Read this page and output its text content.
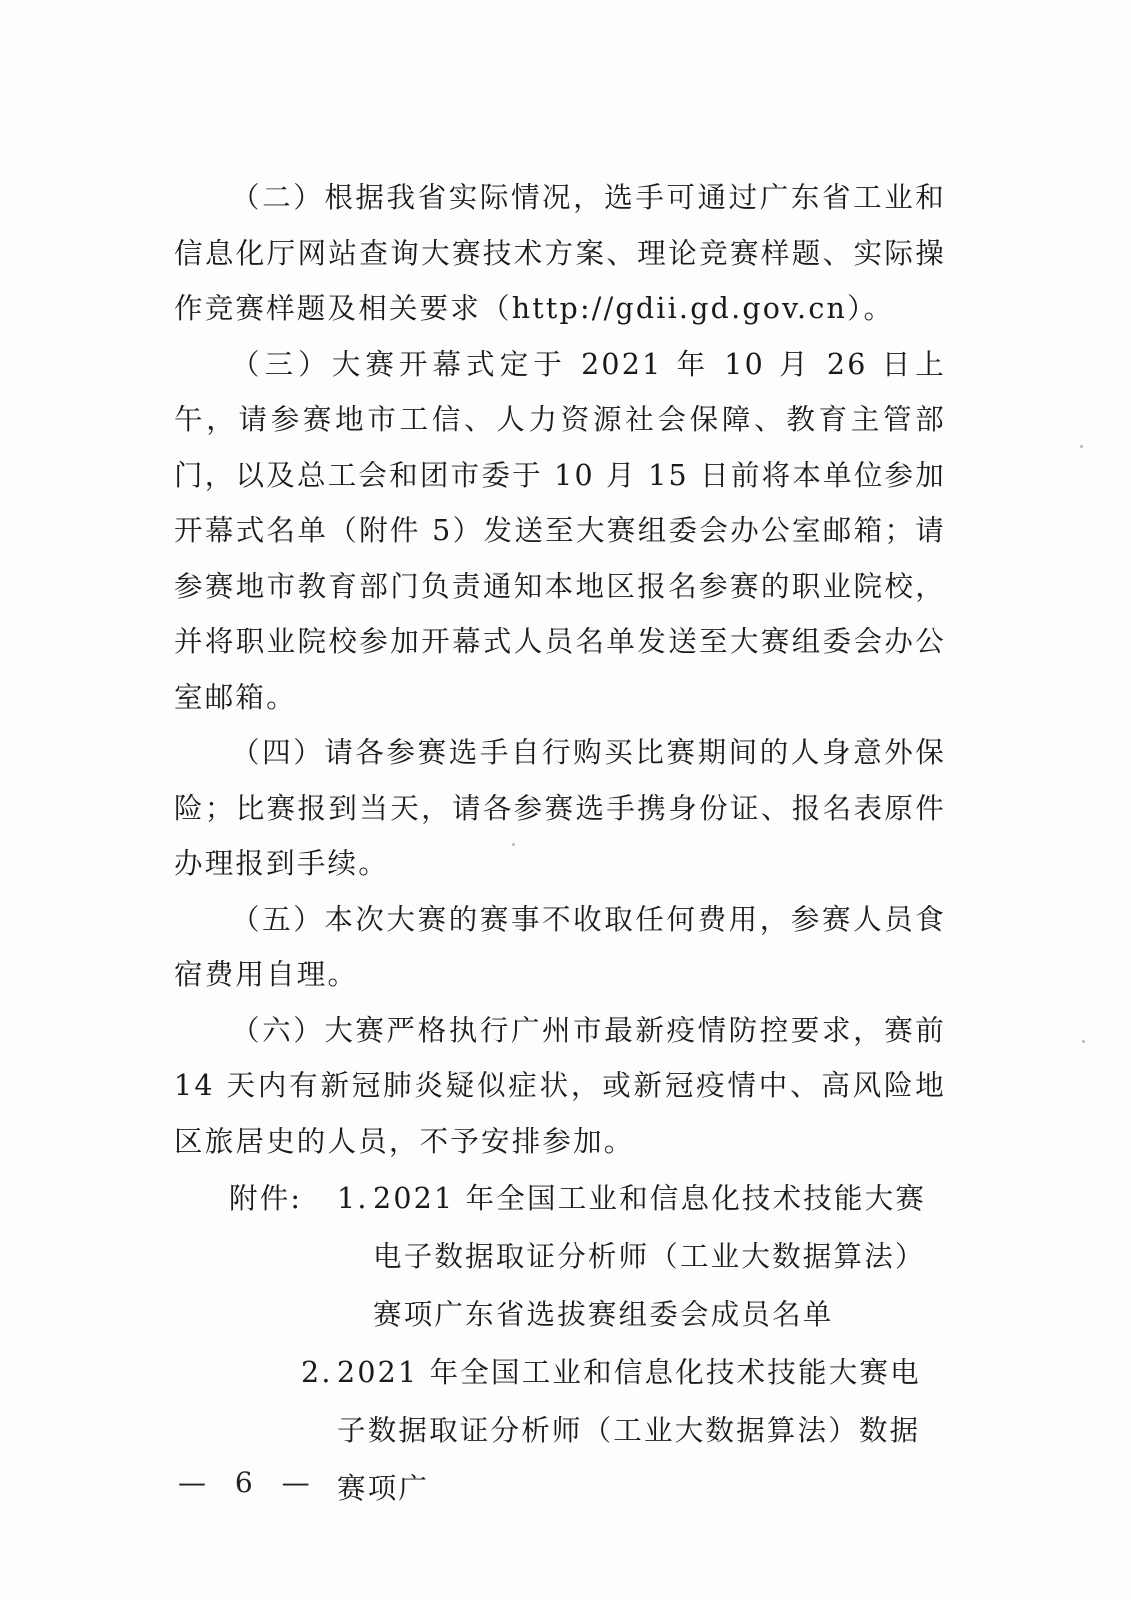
（二）根据我省实际情况，选手可通过广东省工业和信息化厅网站查询大赛技术方案、理论竞赛样题、实际操作竞赛样题及相关要求（http://gdii.gd.gov.cn）。

（三）大赛开幕式定于 2021 年 10 月 26 日上午，请参赛地市工信、人力资源社会保障、教育主管部门，以及总工会和团市委于 10 月 15 日前将本单位参加开幕式名单（附件 5）发送至大赛组委会办公室邮箱；请参赛地市教育部门负责通知本地区报名参赛的职业院校，并将职业院校参加开幕式人员名单发送至大赛组委会办公室邮箱。

（四）请各参赛选手自行购买比赛期间的人身意外保险；比赛报到当天，请各参赛选手携身份证、报名表原件办理报到手续。

（五）本次大赛的赛事不收取任何费用，参赛人员食宿费用自理。

（六）大赛严格执行广州市最新疫情防控要求，赛前 14 天内有新冠肺炎疑似症状，或新冠疫情中、高风险地区旅居史的人员，不予安排参加。

附件:	1. 2021 年全国工业和信息化技术技能大赛电子数据取证分析师（工业大数据算法）赛项广东省选拔赛组委会成员名单
2. 2021 年全国工业和信息化技术技能大赛电子数据取证分析师（工业大数据算法）数据赛项广
— 6 —
